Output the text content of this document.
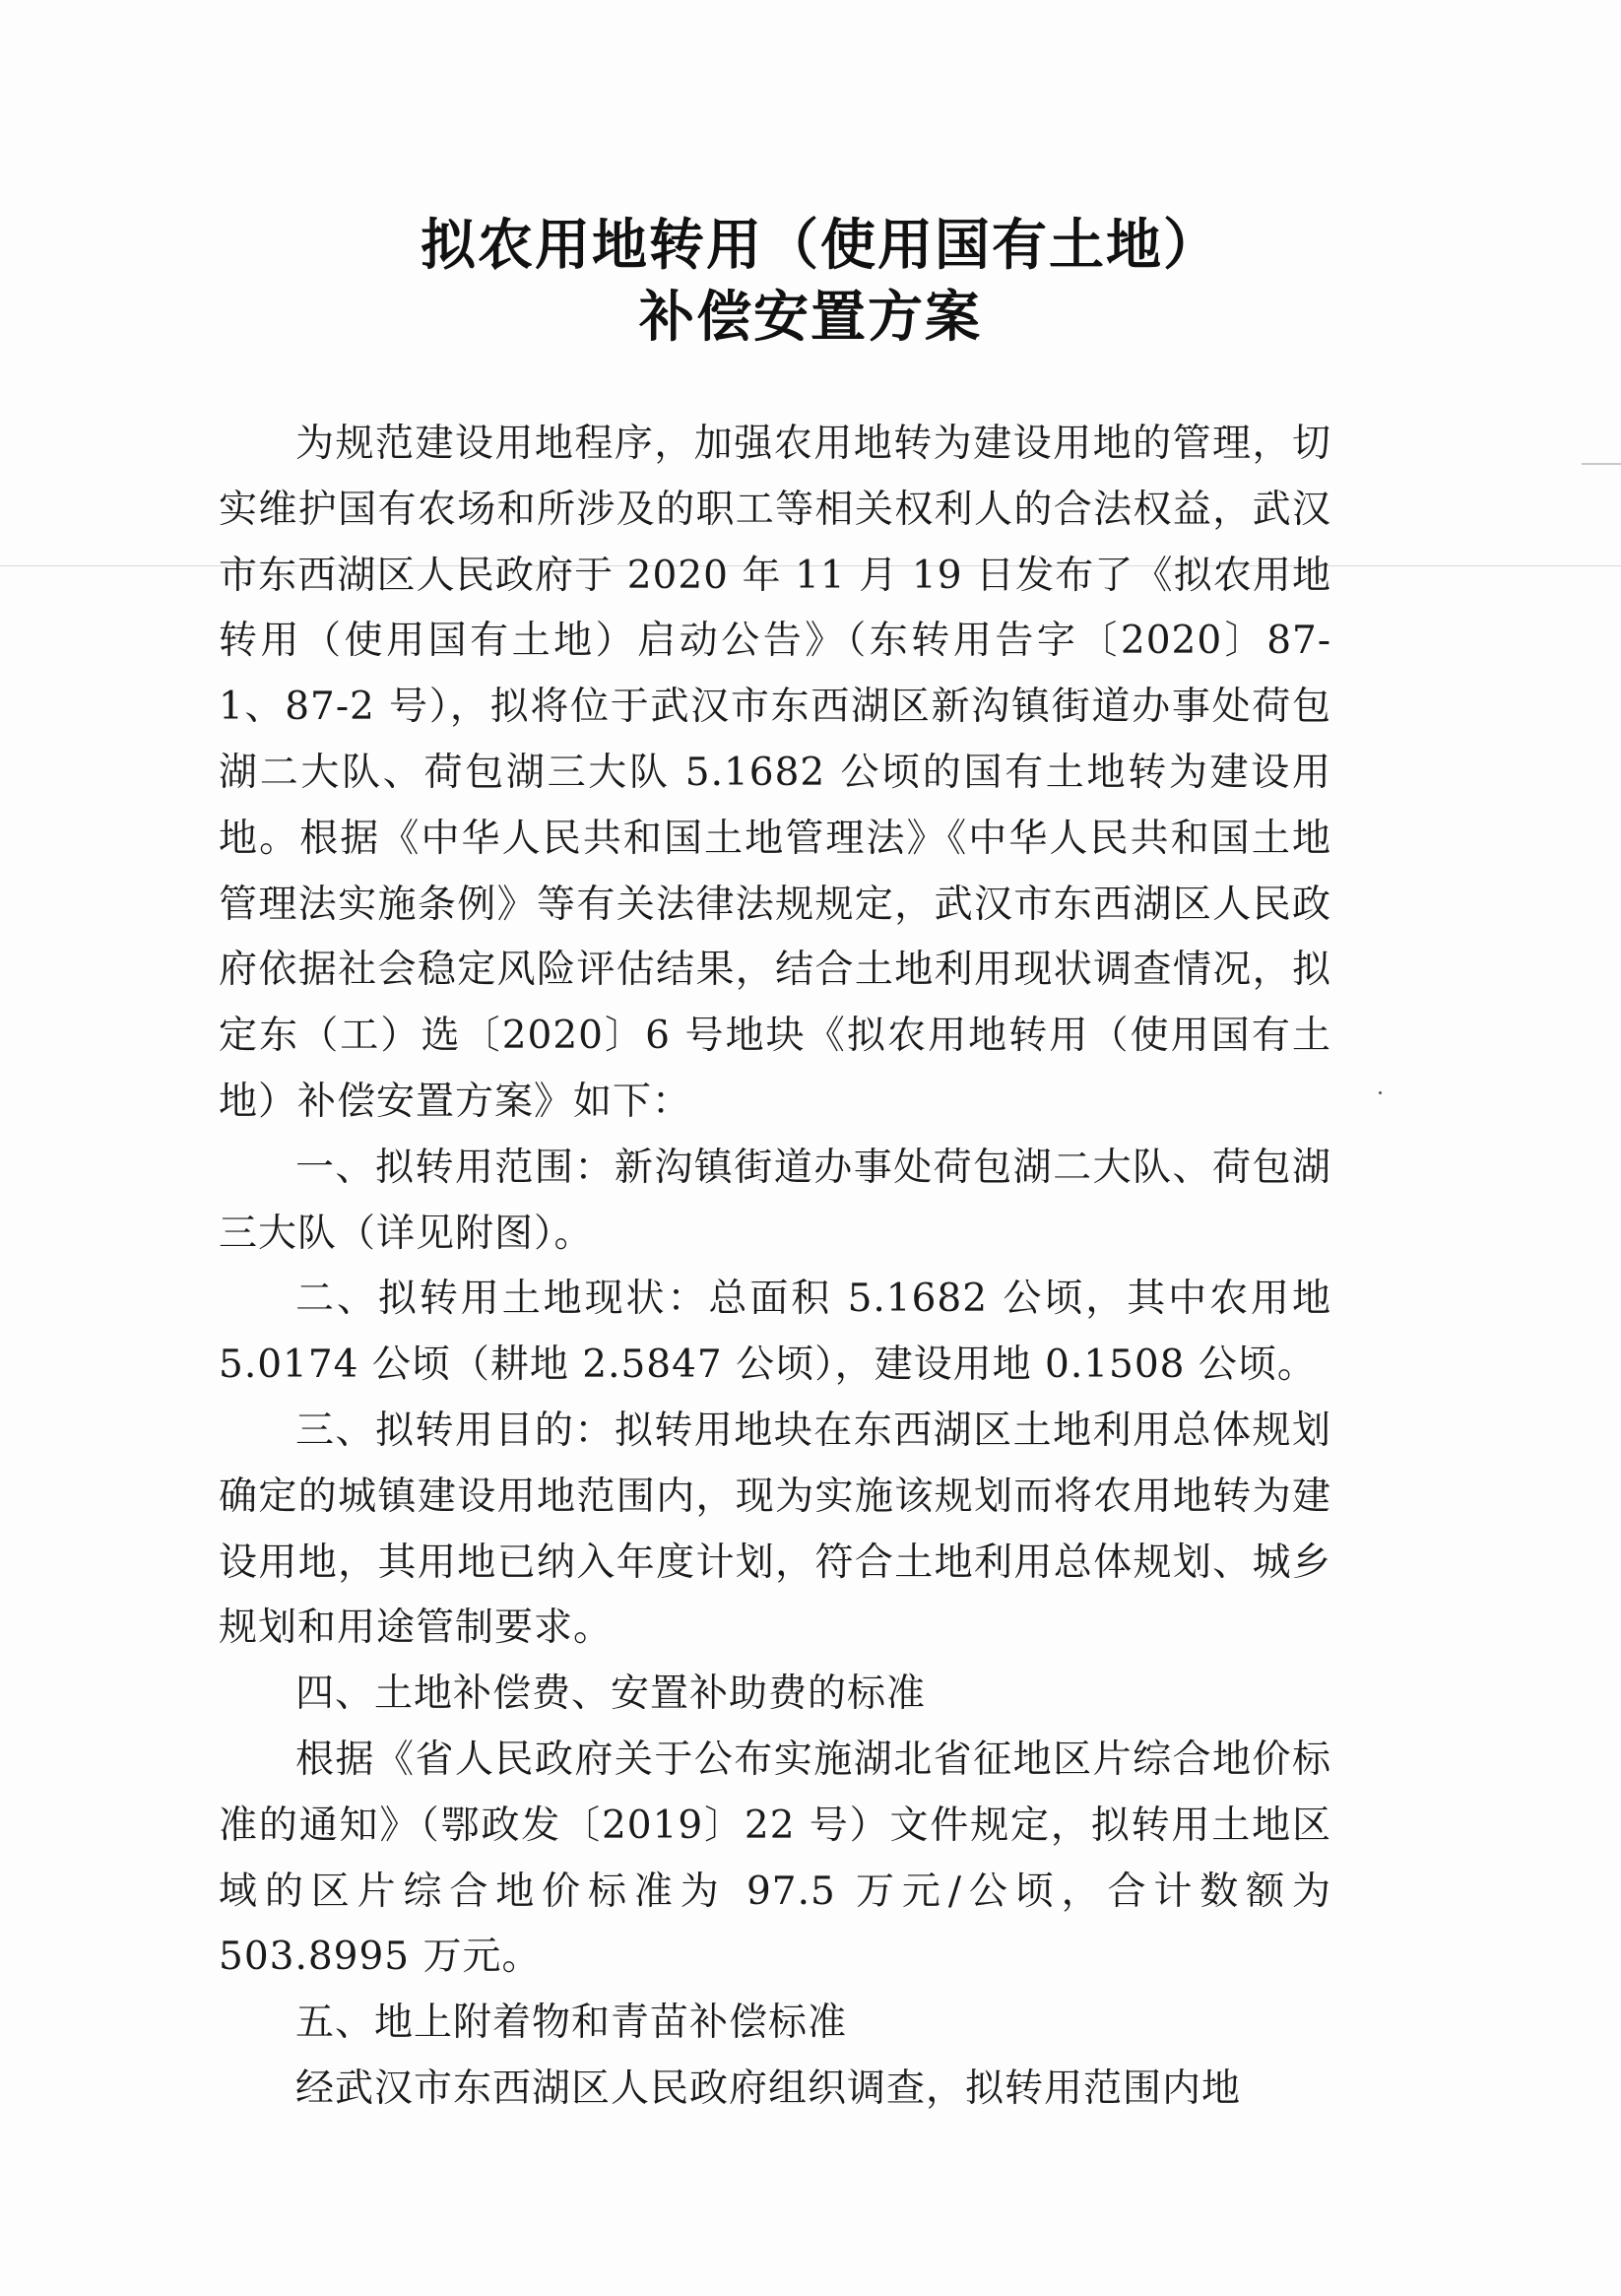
拟农用地转用（使用国有土地）
补偿安置方案

为规范建设用地程序，加强农用地转为建设用地的管理，切实维护国有农场和所涉及的职工等相关权利人的合法权益，武汉市东西湖区人民政府于 2020 年 11 月 19 日发布了《拟农用地转用（使用国有土地）启动公告》（东转用告字〔2020〕87-1、87-2 号），拟将位于武汉市东西湖区新沟镇街道办事处荷包湖二大队、荷包湖三大队 5.1682 公顷的国有土地转为建设用地。根据《中华人民共和国土地管理法》《中华人民共和国土地管理法实施条例》等有关法律法规规定，武汉市东西湖区人民政府依据社会稳定风险评估结果，结合土地利用现状调查情况，拟定东（工）选〔2020〕6 号地块《拟农用地转用（使用国有土地）补偿安置方案》如下：

一、拟转用范围：新沟镇街道办事处荷包湖二大队、荷包湖三大队（详见附图）。

二、拟转用土地现状：总面积 5.1682 公顷，其中农用地 5.0174 公顷（耕地 2.5847 公顷），建设用地 0.1508 公顷。

三、拟转用目的：拟转用地块在东西湖区土地利用总体规划确定的城镇建设用地范围内，现为实施该规划而将农用地转为建设用地，其用地已纳入年度计划，符合土地利用总体规划、城乡规划和用途管制要求。

四、土地补偿费、安置补助费的标准

根据《省人民政府关于公布实施湖北省征地区片综合地价标准的通知》（鄂政发〔2019〕22 号）文件规定，拟转用土地区域的区片综合地价标准为 97.5 万元/公顷，合计数额为 503.8995 万元。

五、地上附着物和青苗补偿标准

经武汉市东西湖区人民政府组织调查，拟转用范围内地
